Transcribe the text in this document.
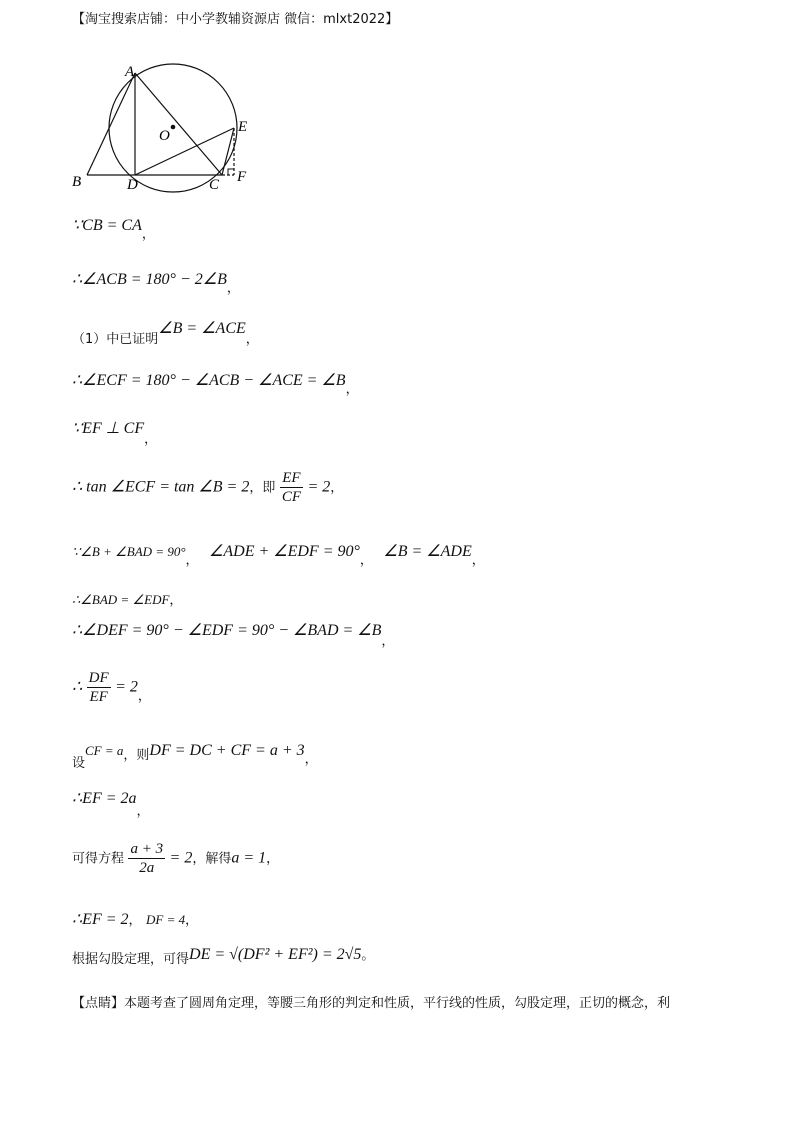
【淘宝搜索店铺：中小学教辅资源店 微信：mlxt2022】
A
O
E
B	D	C F
∵CB = CA，
∴∠ACB = 180° − 2∠B，
（1）中已证明∠B = ∠ACE，
∴∠ECF = 180° − ∠ACB − ∠ACE = ∠B，
∵EF ⊥ CF，
∴ tan ∠ECF = tan ∠B = 2，即 $\frac{EF}{CF} = 2$，
∵∠B + ∠BAD = 90°， ∠ADE + ∠EDF = 90°， ∠B = ∠ADE，
∴∠BAD = ∠EDF，
∴∠DEF = 90° − ∠EDF = 90° − ∠BAD = ∠B，
∴ $\frac{DF}{EF} = 2$，
设CF = a，则DF = DC + CF = a + 3，
∴EF = 2a，
可得方程 $\frac{a + 3}{2a} = 2$，解得a = 1，
∴EF = 2， DF = 4，
根据勾股定理，可得DE = √(DF² + EF²) = 2√5。
【点睛】本题考查了圆周角定理，等腰三角形的判定和性质，平行线的性质，勾股定理，正切的概念，利
